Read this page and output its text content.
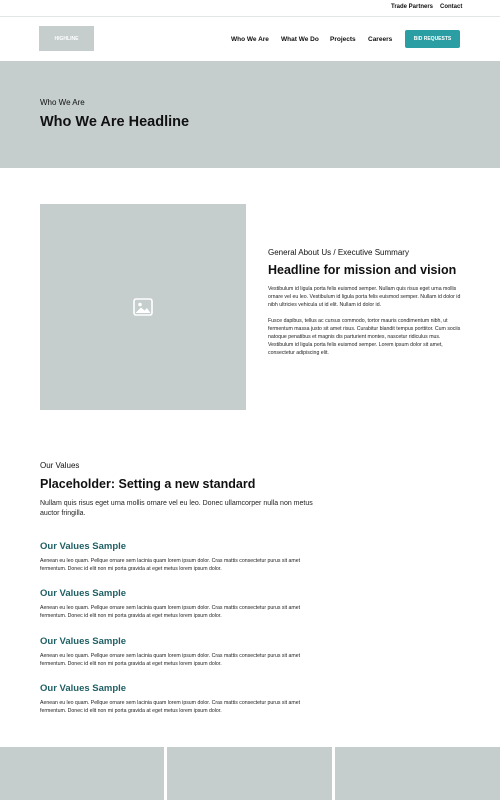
Trade Partners Contact
HIGHLINE	Who We Are What We Do Projects Careers	BID REQUESTS
Who We Are
Who We Are Headline
General About Us / Executive Summary
Headline for mission and vision

Vestibulum id ligula porta felis euismod semper. Nullam quis risus eget urna mollis ornare vel eu leo. Vestibulum id ligula porta felis euismod semper. Nullam id dolor id nibh ultricies vehicula ut id elit. Nullam id dolor id.

Fusce dapibus, tellus ac cursus commodo, tortor mauris condimentum nibh, ut fermentum massa justo sit amet risus. Curabitur blandit tempus porttitor. Cum sociis natoque penatibus et magnis dis parturient montes, nascetur ridiculus mus. Vestibulum id ligula porta felis euismod semper. Lorem ipsum dolor sit amet, consectetur adipiscing elit.

Our Values
Placeholder: Setting a new standard

Nullam quis risus eget urna mollis ornare vel eu leo. Donec ullamcorper nulla non metus auctor fringilla.

Our Values Sample

Aenean eu leo quam. Pellque ornare sem lacinia quam lorem ipsum dolor. Cras mattis consectetur purus sit amet fermentum. Donec id elit non mi porta gravida at eget metus lorem ipsum dolor.

Our Values Sample

Aenean eu leo quam. Pellque ornare sem lacinia quam lorem ipsum dolor. Cras mattis consectetur purus sit amet fermentum. Donec id elit non mi porta gravida at eget metus lorem ipsum dolor.

Our Values Sample

Aenean eu leo quam. Pellque ornare sem lacinia quam lorem ipsum dolor. Cras mattis consectetur purus sit amet fermentum. Donec id elit non mi porta gravida at eget metus lorem ipsum dolor.

Our Values Sample

Aenean eu leo quam. Pellque ornare sem lacinia quam lorem ipsum dolor. Cras mattis consectetur purus sit amet fermentum. Donec id elit non mi porta gravida at eget metus lorem ipsum dolor.
